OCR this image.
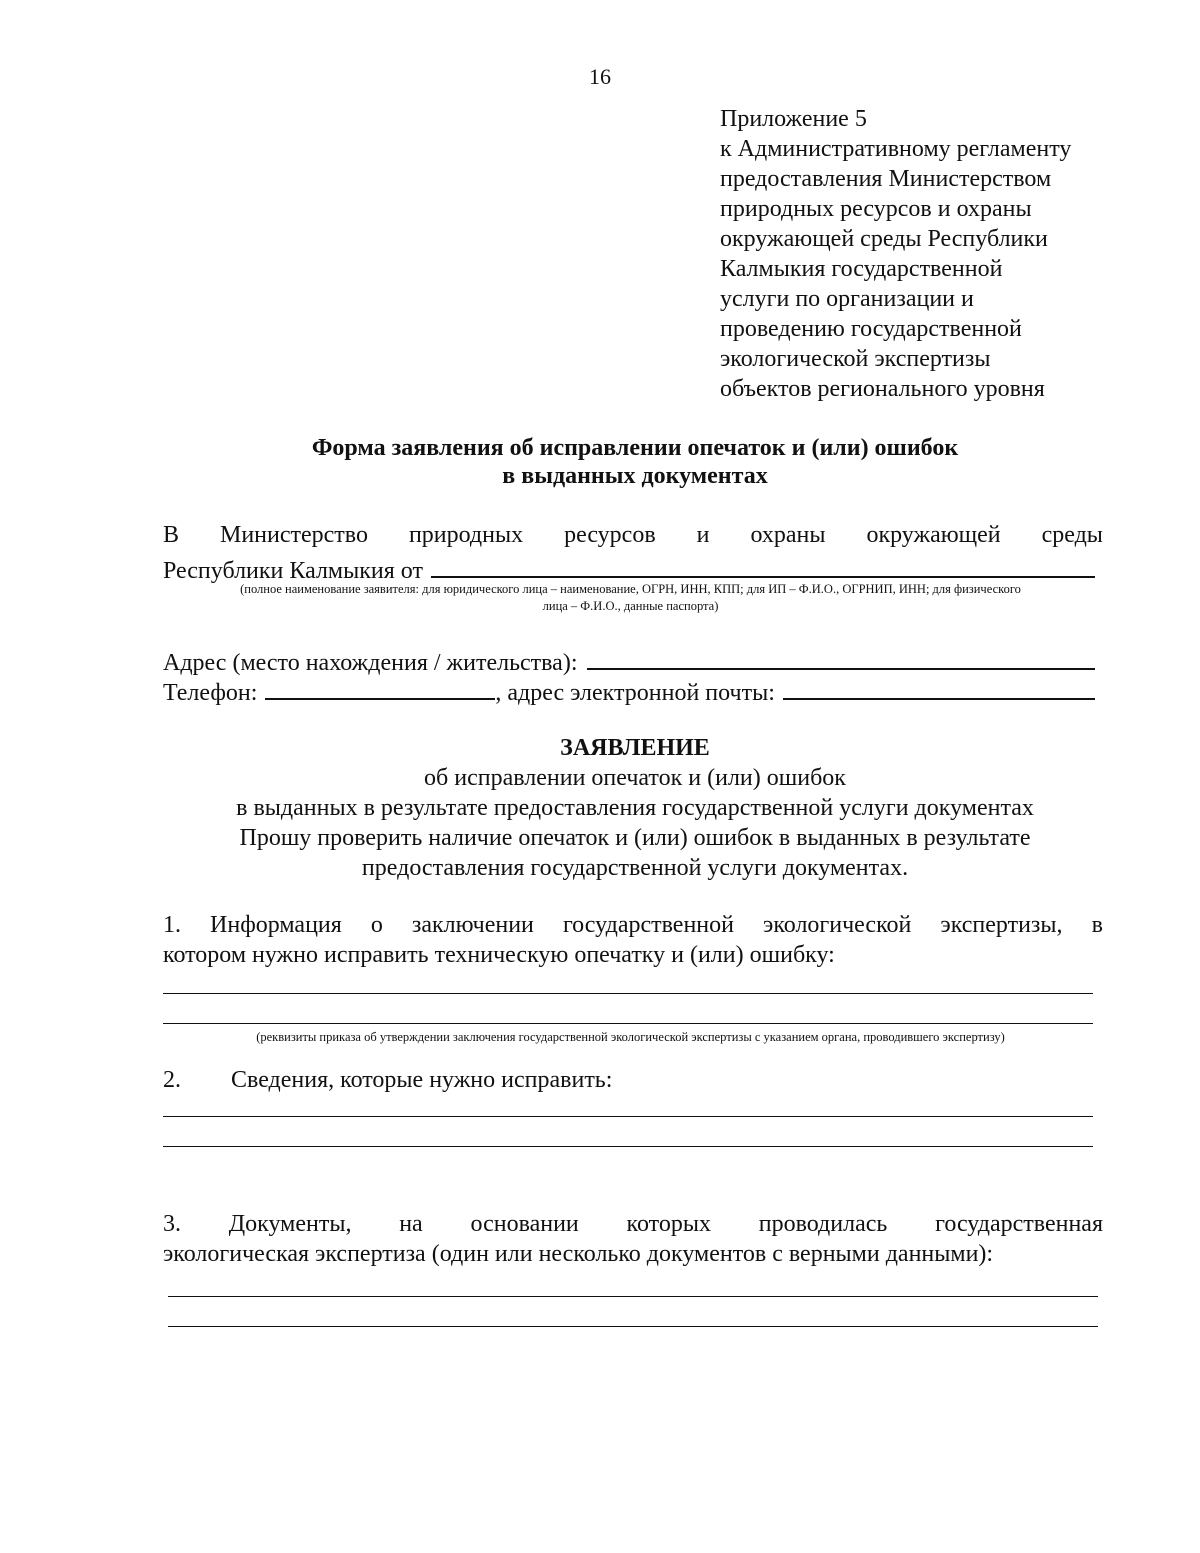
16
Приложение 5
к Административному регламенту
предоставления Министерством
природных ресурсов и охраны
окружающей среды Республики
Калмыкия государственной
услуги по организации и
проведению государственной
экологической экспертизы
объектов регионального уровня
Форма заявления об исправлении опечаток и (или) ошибок
в выданных документах
В Министерство природных ресурсов и охраны окружающей среды
Республики Калмыкия от
(полное наименование заявителя: для юридического лица – наименование, ОГРН, ИНН, КПП; для ИП – Ф.И.О., ОГРНИП, ИНН; для физического
лица – Ф.И.О., данные паспорта)
Адрес (место нахождения / жительства):
Телефон:	, адрес электронной почты:
ЗАЯВЛЕНИЕ
об исправлении опечаток и (или) ошибок
в выданных в результате предоставления государственной услуги документах
Прошу проверить наличие опечаток и (или) ошибок в выданных в результате
предоставления государственной услуги документах.
1. Информация о заключении государственной экологической экспертизы, в
котором нужно исправить техническую опечатку и (или) ошибку:
(реквизиты приказа об утверждении заключения государственной экологической экспертизы с указанием органа, проводившего экспертизу)
2. Сведения, которые нужно исправить:
3. Документы, на основании которых проводилась государственная
экологическая экспертиза (один или несколько документов с верными данными):
